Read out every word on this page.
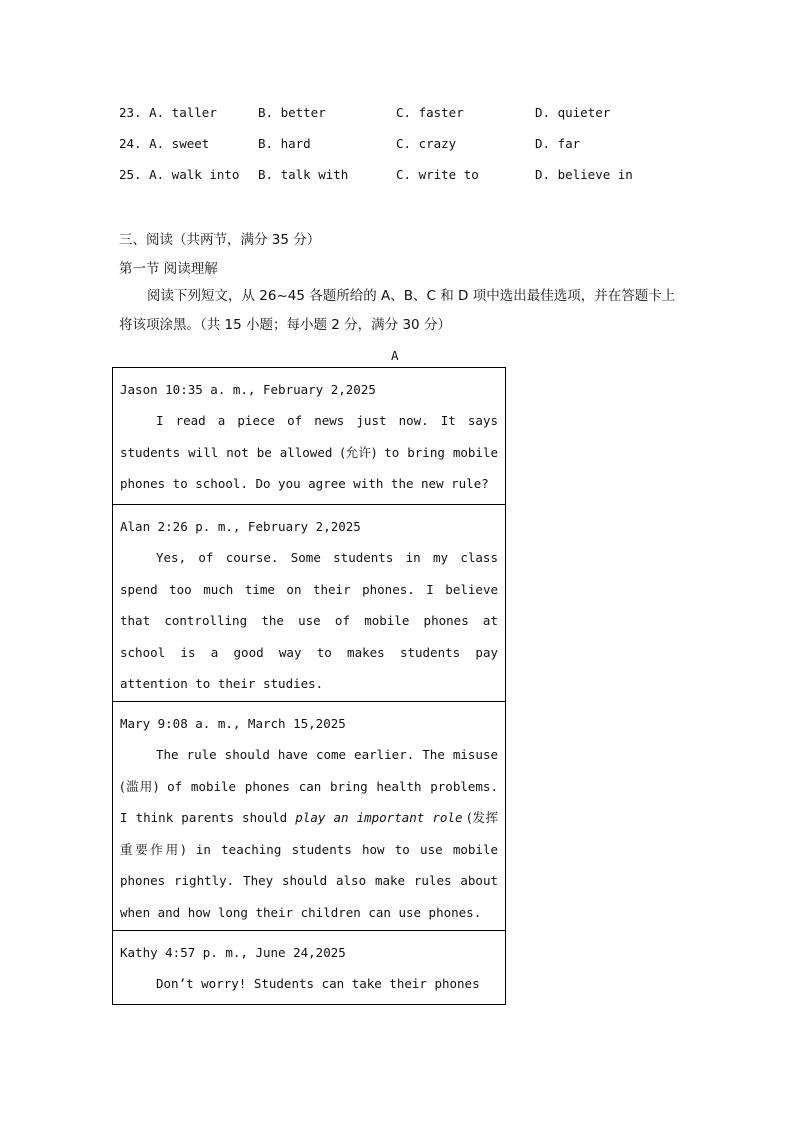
23. A. taller	B. better	C. faster	D. quieter
24. A. sweet	B. hard	C. crazy	D. far
25. A. walk into B. talk with	C. write to	D. believe in
三、阅读（共两节，满分 35 分）
第一节 阅读理解

阅读下列短文，从 26~45 各题所给的 A、B、C 和 D 项中选出最佳选项，并在答题卡上

将该项涂黑。（共 15 小题；每小题 2 分，满分 30 分）
A
Jason 10:35 a. m., February 2,2025

I read a piece of news just now. It says students will not be allowed (允许) to bring mobile phones to school. Do you agree with the new rule?

Alan 2:26 p. m., February 2,2025

Yes, of course. Some students in my class spend too much time on their phones. I believe that controlling the use of mobile phones at school is a good way to makes students pay attention to their studies.

Mary 9:08 a. m., March 15,2025

The rule should have come earlier. The misuse (滥用) of mobile phones can bring health problems. I think parents should play an important role (发挥重要作用) in teaching students how to use mobile phones rightly. They should also make rules about when and how long their children can use phones.

Kathy 4:57 p. m., June 24,2025

Don’t worry! Students can take their phones
